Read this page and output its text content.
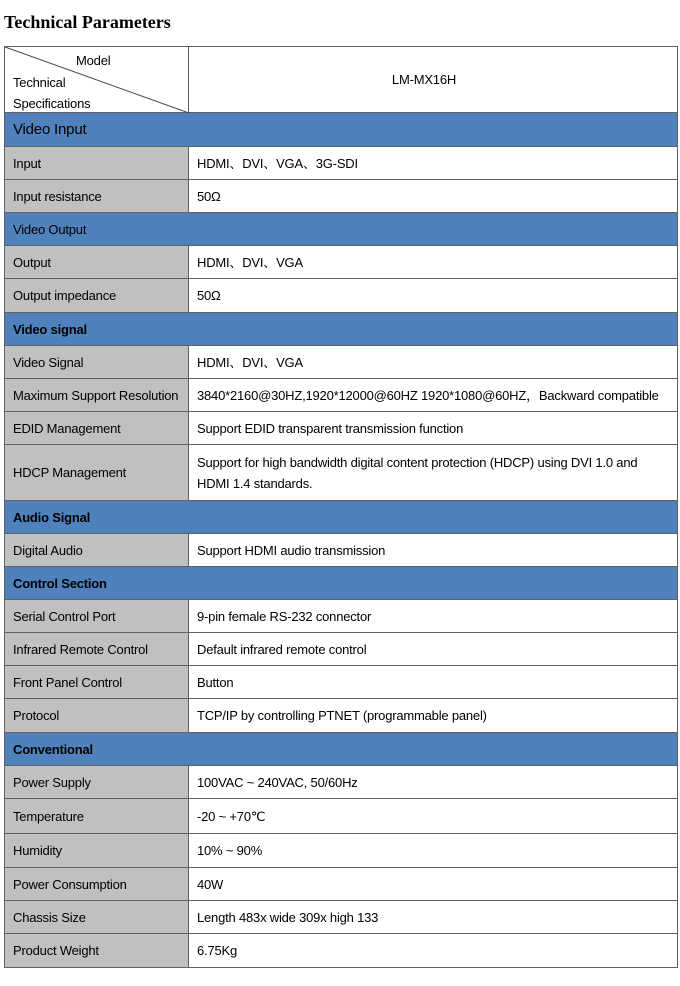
Technical Parameters
Model
Technical
Specifications	LM-MX16H
Video Input	
Input	HDMI、DVI、VGA、3G-SDI
Input resistance	50Ω
Video Output	
Output	HDMI、DVI、VGA
Output impedance	50Ω
Video signal	
Video Signal	HDMI、DVI、VGA
Maximum Support Resolution	3840*2160@30HZ,1920*12000@60HZ 1920*1080@60HZ，Backward compatible
EDID Management	Support EDID transparent transmission function
HDCP Management	Support for high bandwidth digital content protection (HDCP) using DVI 1.0 and HDMI 1.4 standards.
Audio Signal	
Digital Audio	Support HDMI audio transmission
Control Section	
Serial Control Port	9-pin female RS-232 connector
Infrared Remote Control	Default infrared remote control
Front Panel Control	Button
Protocol	TCP/IP by controlling PTNET (programmable panel)
Conventional	
Power Supply	100VAC ~ 240VAC, 50/60Hz
Temperature	-20 ~ +70℃
Humidity	10% ~ 90%
Power Consumption	40W
Chassis Size	Length 483x wide 309x high 133
Product Weight	6.75Kg
